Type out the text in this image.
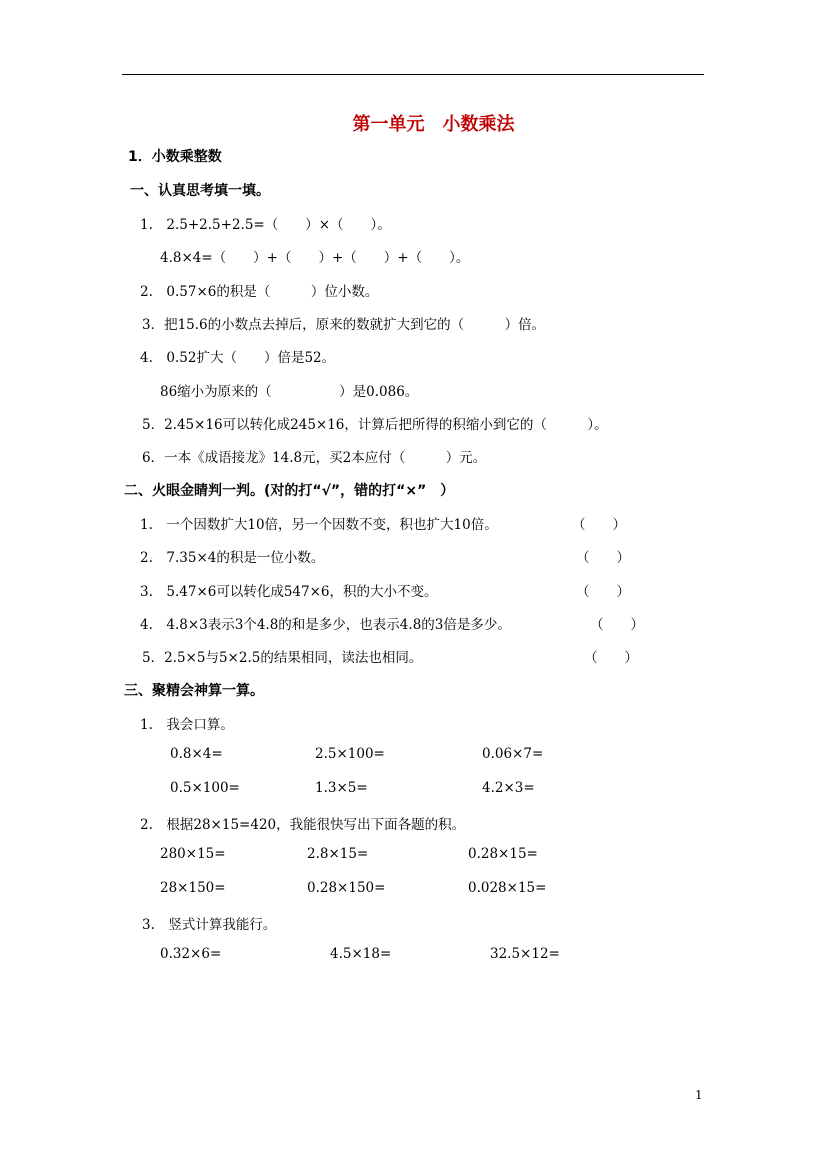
第一单元　小数乘法
1．小数乘整数
一、认真思考填一填。
1.　2.5+2.5+2.5=（　　）×（　　）。
4.8×4=（　　）+（　　）+（　　）+（　　）。
2.　0.57×6的积是（　　　）位小数。
3．把15.6的小数点去掉后，原来的数就扩大到它的（　　　）倍。
4.　0.52扩大（　　）倍是52。
86缩小为原来的（　　　　　）是0.086。
5．2.45×16可以转化成245×16，计算后把所得的积缩小到它的（　　　）。
6．一本《成语接龙》14.8元，买2本应付（　　　）元。
二、火眼金睛判一判。(对的打“√”，错的打“×”　）
1.　一个因数扩大10倍，另一个因数不变，积也扩大10倍。	（　　）
2.　7.35×4的积是一位小数。	（　　）
3.　5.47×6可以转化成547×6，积的大小不变。	（　　）
4.　4.8×3表示3个4.8的和是多少，也表示4.8的3倍是多少。	（　　）
5．2.5×5与5×2.5的结果相同，读法也相同。	（　　）
三、聚精会神算一算。
1.　我会口算。
0.8×4=	2.5×100=	0.06×7=
0.5×100=	1.3×5=	4.2×3=
2.　根据28×15=420，我能很快写出下面各题的积。
280×15=	2.8×15=	0.28×15=
28×150=	0.28×150=	0.028×15=
3.　竖式计算我能行。
0.32×6=	4.5×18=	32.5×12=
1
